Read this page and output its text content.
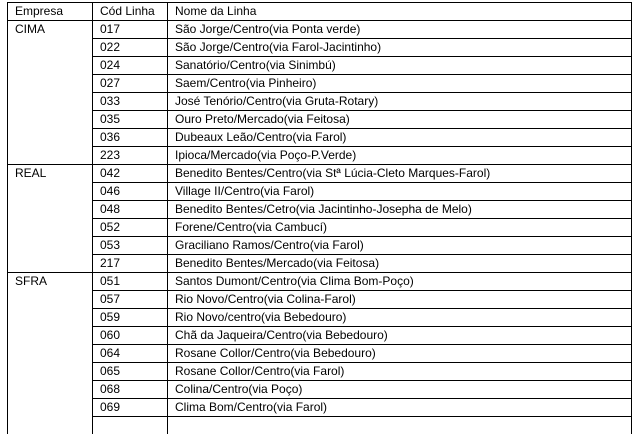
Empresa	Cód Linha	Nome da Linha
CIMA	017	São Jorge/Centro(via Ponta verde)
	022	São Jorge/Centro(via Farol-Jacintinho)
	024	Sanatório/Centro(via Sinimbú)
	027	Saem/Centro(via Pinheiro)
	033	José Tenório/Centro(via Gruta-Rotary)
	035	Ouro Preto/Mercado(via Feitosa)
	036	Dubeaux Leão/Centro(via Farol)
	223	Ipioca/Mercado(via Poço-P.Verde)
REAL	042	Benedito Bentes/Centro(via Stª Lúcia-Cleto Marques-Farol)
	046	Village II/Centro(via Farol)
	048	Benedito Bentes/Cetro(via Jacintinho-Josepha de Melo)
	052	Forene/Centro(via Cambucí)
	053	Graciliano Ramos/Centro(via Farol)
	217	Benedito Bentes/Mercado(via Feitosa)
SFRA	051	Santos Dumont/Centro(via Clima Bom-Poço)
	057	Rio Novo/Centro(via Colina-Farol)
	059	Rio Novo/centro(via Bebedouro)
	060	Chã da Jaqueira/Centro(via Bebedouro)
	064	Rosane Collor/Centro(via Bebedouro)
	065	Rosane Collor/Centro(via Farol)
	068	Colina/Centro(via Poço)
	069	Clima Bom/Centro(via Farol)
